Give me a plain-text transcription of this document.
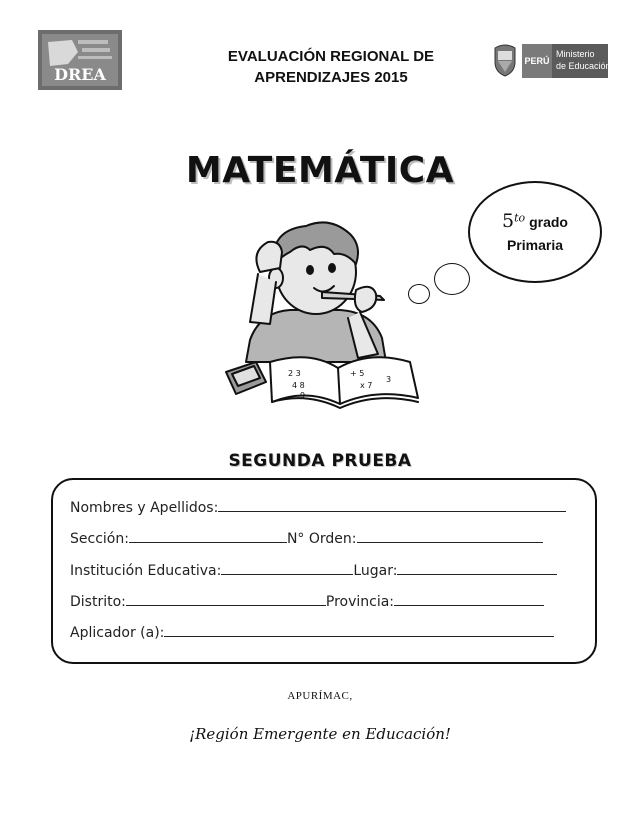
DREA
EVALUACIÓN REGIONAL DE
APRENDIZAJES 2015
PERÚ
Ministerio
de Educación
MATEMÁTICA
$5^{to}$ grado
Primaria
2 3
4 8
9
+ 5
x 7
3
SEGUNDA PRUEBA
Nombres y Apellidos:
Sección:	N° Orden:
Institución Educativa:	Lugar:
Distrito:	Provincia:
Aplicador (a):
APURÍMAC,
¡Región Emergente en Educación!
